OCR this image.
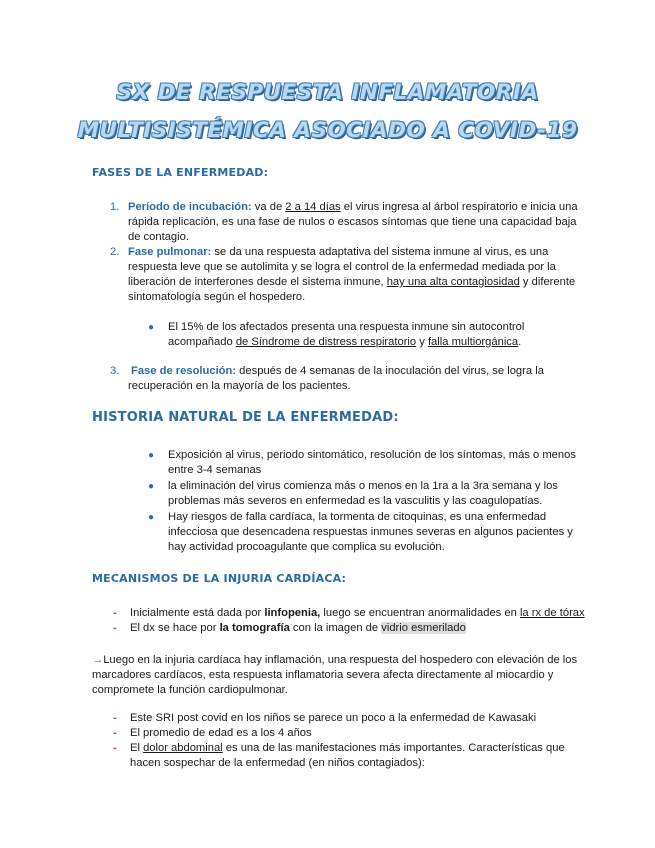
SX DE RESPUESTA INFLAMATORIA
MULTISISTÉMICA ASOCIADO A COVID-19
FASES DE LA ENFERMEDAD:
1. Período de incubación: va de 2 a 14 días el virus ingresa al árbol respiratorio e inicia una
rápida replicación, es una fase de nulos o escasos síntomas que tiene una capacidad baja
de contagio.
2. Fase pulmonar: se da una respuesta adaptativa del sistema inmune al virus, es una
respuesta leve que se autolimita y se logra el control de la enfermedad mediada por la
liberación de interferones desde el sistema inmune, hay una alta contagiosidad y diferente
sintomatología según el hospedero.
● El 15% de los afectados presenta una respuesta inmune sin autocontrol
acompañado de Síndrome de distress respiratorio y falla multiorgánica.
3. Fase de resolución: después de 4 semanas de la inoculación del virus, se logra la
recuperación en la mayoría de los pacientes.
HISTORIA NATURAL DE LA ENFERMEDAD:
● Exposición al virus, periodo sintomático, resolución de los síntomas, más o menos
entre 3-4 semanas
● la eliminación del virus comienza más o menos en la 1ra a la 3ra semana y los
problemas más severos en enfermedad es la vasculitis y las coagulopatías.
● Hay riesgos de falla cardíaca, la tormenta de citoquinas, es una enfermedad
infecciosa que desencadena respuestas inmunes severas en algunos pacientes y
hay actividad procoagulante que complica su evolución.
MECANISMOS DE LA INJURIA CARDÍACA:
- Inicialmente está dada por linfopenia, luego se encuentran anormalidades en la rx de tórax
- El dx se hace por la tomografía con la imagen de vidrio esmerilado
→Luego en la injuria cardíaca hay inflamación, una respuesta del hospedero con elevación de los
marcadores cardíacos, esta respuesta inflamatoria severa afecta directamente al miocardio y
compromete la función cardiopulmonar.
- Este SRI post covid en los niños se parece un poco a la enfermedad de Kawasaki
- El promedio de edad es a los 4 años
- El dolor abdominal es una de las manifestaciones más importantes. Características que
hacen sospechar de la enfermedad (en niños contagiados):
